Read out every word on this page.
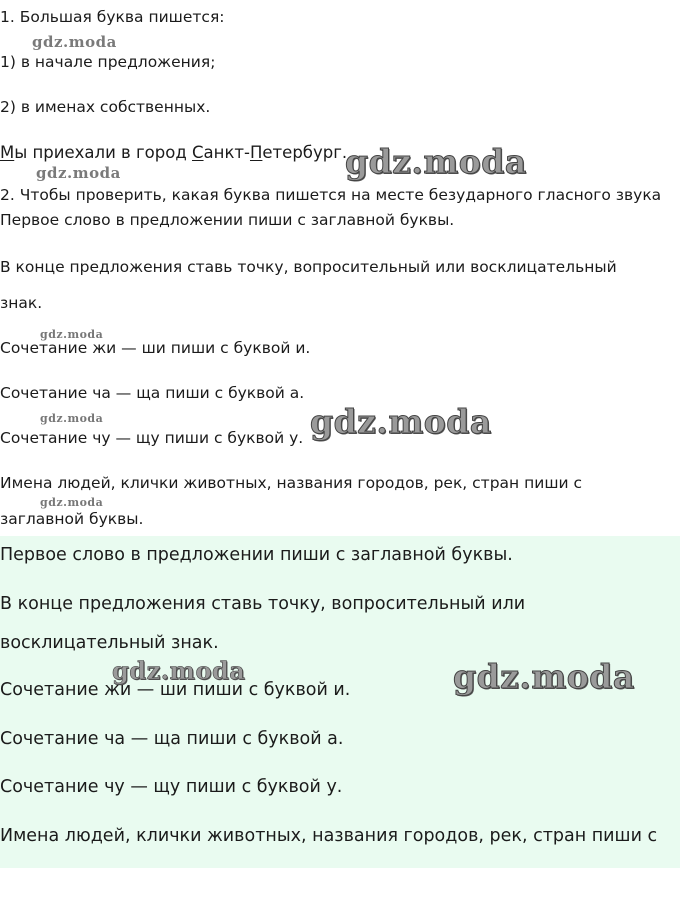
1. Большая буква пишется:
gdz.moda
1) в начале предложения;
2) в именах собственных.
Мы приехали в город Санкт-Петербург.
gdz.moda	gdz.moda
2. Чтобы проверить, какая буква пишется на месте безударного гласного звука
Первое слово в предложении пиши с заглавной буквы.
В конце предложения ставь точку, вопросительный или восклицательный
знак.
gdz.moda
Сочетание жи — ши пиши с буквой и.
Сочетание ча — ща пиши с буквой а.
gdz.moda
Сочетание чу — щу пиши с буквой у. gdz.moda
Имена людей, клички животных, названия городов, рек, стран пиши с
gdz.moda
заглавной буквы.
Первое слово в предложении пиши с заглавной буквы.
В конце предложения ставь точку, вопросительный или
восклицательный знак.
gdz.moda	gdz.moda
Сочетание жи — ши пиши с буквой и.
Сочетание ча — ща пиши с буквой а.
Сочетание чу — щу пиши с буквой у.
Имена людей, клички животных, названия городов, рек, стран пиши с
